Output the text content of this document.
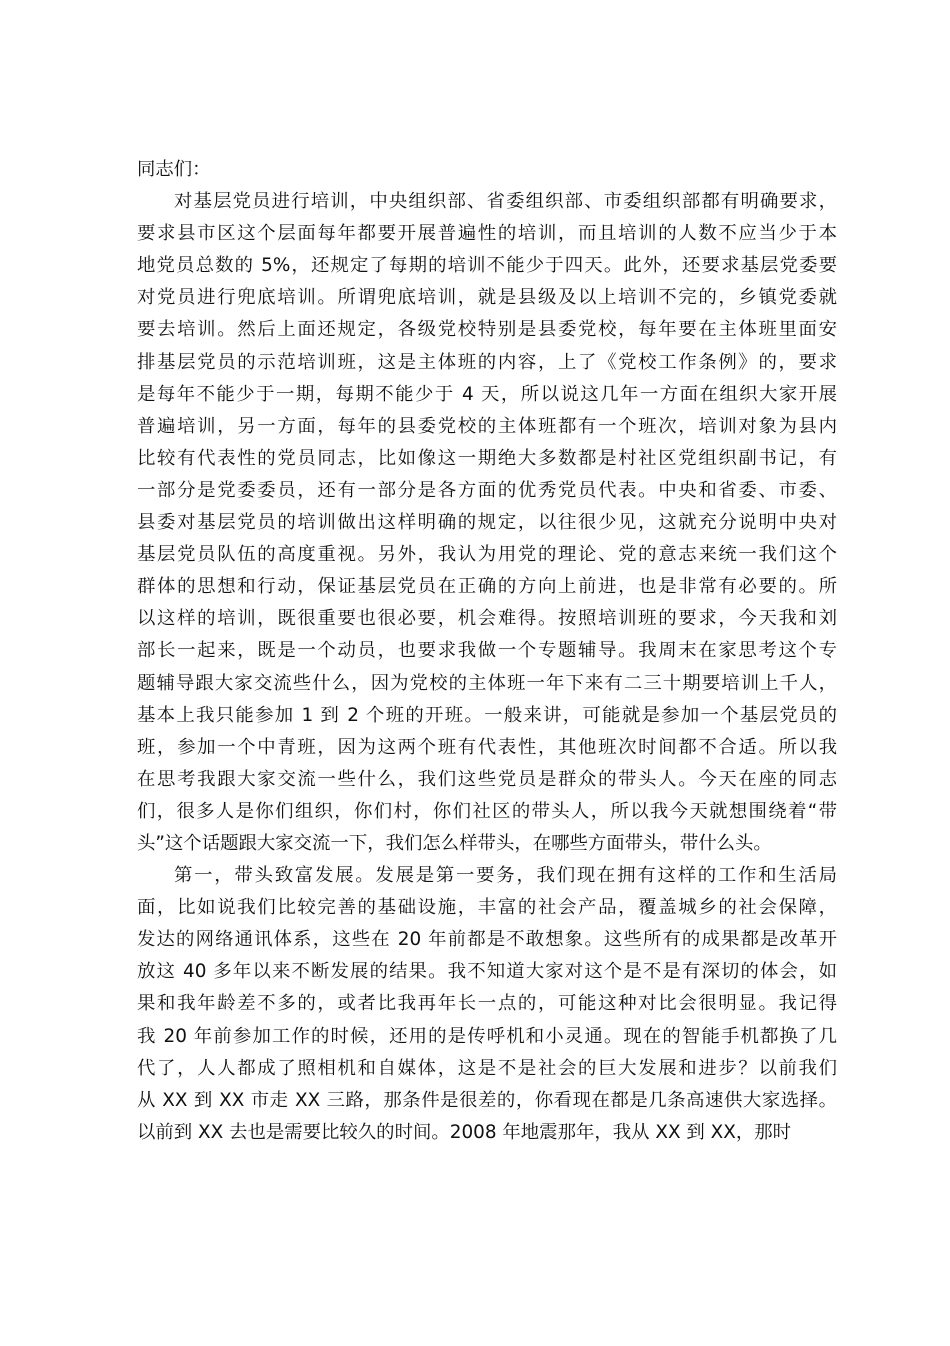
同志们：
对基层党员进行培训，中央组织部、省委组织部、市委组织部都有明确要求，
要求县市区这个层面每年都要开展普遍性的培训，而且培训的人数不应当少于本
地党员总数的 5%，还规定了每期的培训不能少于四天。此外，还要求基层党委要
对党员进行兜底培训。所谓兜底培训，就是县级及以上培训不完的，乡镇党委就
要去培训。然后上面还规定，各级党校特别是县委党校，每年要在主体班里面安
排基层党员的示范培训班，这是主体班的内容，上了《党校工作条例》的，要求
是每年不能少于一期，每期不能少于 4 天，所以说这几年一方面在组织大家开展
普遍培训，另一方面，每年的县委党校的主体班都有一个班次，培训对象为县内
比较有代表性的党员同志，比如像这一期绝大多数都是村社区党组织副书记，有
一部分是党委委员，还有一部分是各方面的优秀党员代表。中央和省委、市委、
县委对基层党员的培训做出这样明确的规定，以往很少见，这就充分说明中央对
基层党员队伍的高度重视。另外，我认为用党的理论、党的意志来统一我们这个
群体的思想和行动，保证基层党员在正确的方向上前进，也是非常有必要的。所
以这样的培训，既很重要也很必要，机会难得。按照培训班的要求，今天我和刘
部长一起来，既是一个动员，也要求我做一个专题辅导。我周末在家思考这个专
题辅导跟大家交流些什么，因为党校的主体班一年下来有二三十期要培训上千人，
基本上我只能参加 1 到 2 个班的开班。一般来讲，可能就是参加一个基层党员的
班，参加一个中青班，因为这两个班有代表性，其他班次时间都不合适。所以我
在思考我跟大家交流一些什么，我们这些党员是群众的带头人。今天在座的同志
们，很多人是你们组织，你们村，你们社区的带头人，所以我今天就想围绕着“带
头”这个话题跟大家交流一下，我们怎么样带头，在哪些方面带头，带什么头。
第一，带头致富发展。发展是第一要务，我们现在拥有这样的工作和生活局
面，比如说我们比较完善的基础设施，丰富的社会产品，覆盖城乡的社会保障，
发达的网络通讯体系，这些在 20 年前都是不敢想象。这些所有的成果都是改革开
放这 40 多年以来不断发展的结果。我不知道大家对这个是不是有深切的体会，如
果和我年龄差不多的，或者比我再年长一点的，可能这种对比会很明显。我记得
我 20 年前参加工作的时候，还用的是传呼机和小灵通。现在的智能手机都换了几
代了，人人都成了照相机和自媒体，这是不是社会的巨大发展和进步？以前我们
从 XX 到 XX 市走 XX 三路，那条件是很差的，你看现在都是几条高速供大家选择。
以前到 XX 去也是需要比较久的时间。2008 年地震那年，我从 XX 到 XX，那时
